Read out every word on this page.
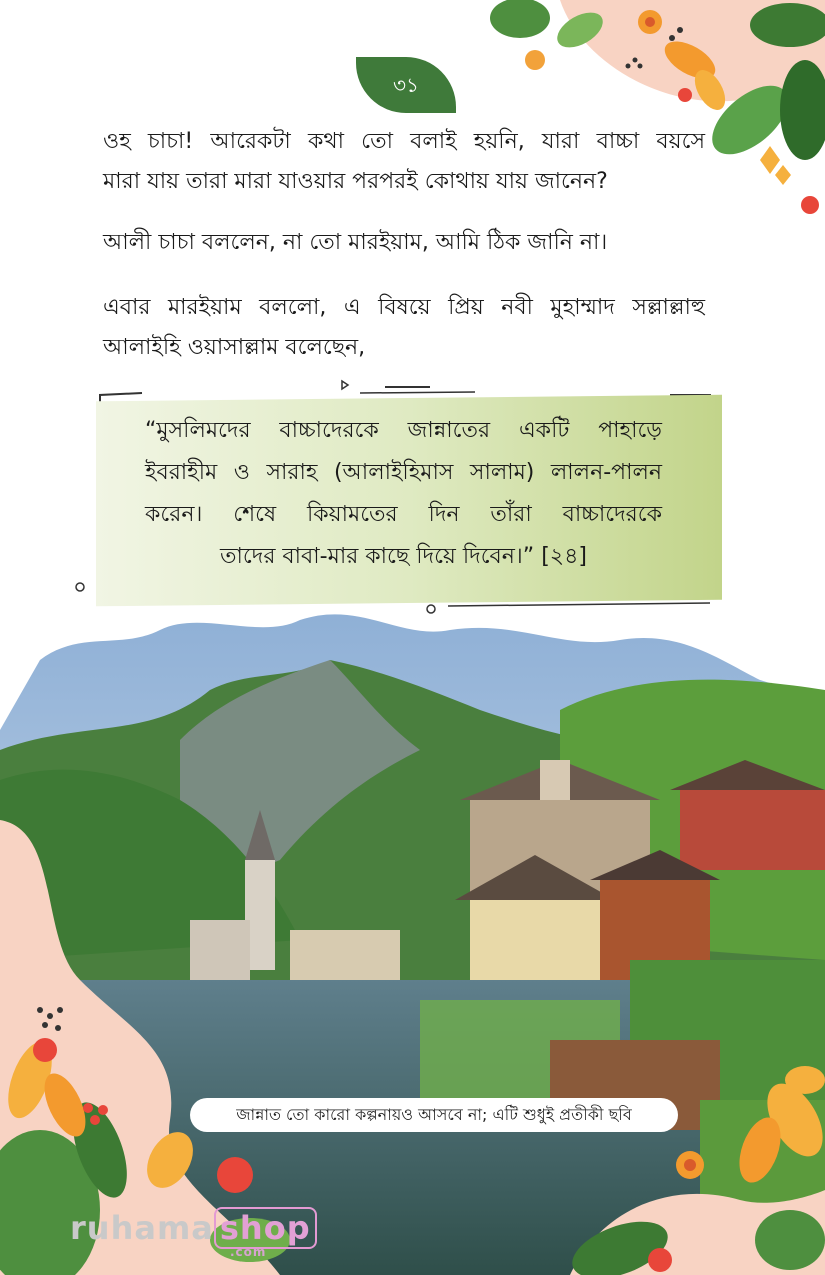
৩১
ওহ চাচা! আরেকটা কথা তো বলাই হয়নি, যারা বাচ্চা বয়সে
মারা যায় তারা মারা যাওয়ার পরপরই কোথায় যায় জানেন?
আলী চাচা বললেন, না তো মারইয়াম, আমি ঠিক জানি না।
এবার মারইয়াম বললো, এ বিষয়ে প্রিয় নবী মুহাম্মাদ সল্লাল্লাহু
আলাইহি ওয়াসাল্লাম বলেছেন,
“মুসলিমদের বাচ্চাদেরকে জান্নাতের একটি পাহাড়ে
ইবরাহীম ও সারাহ (আলাইহিমাস সালাম) লালন-পালন
করেন। শেষে কিয়ামতের দিন তাঁরা বাচ্চাদেরকে
তাদের বাবা-মার কাছে দিয়ে দিবেন।” [২৪]
জান্নাত তো কারো কল্পনায়ও আসবে না; এটি শুধুই প্রতীকী ছবি
ruhama shop
.com
